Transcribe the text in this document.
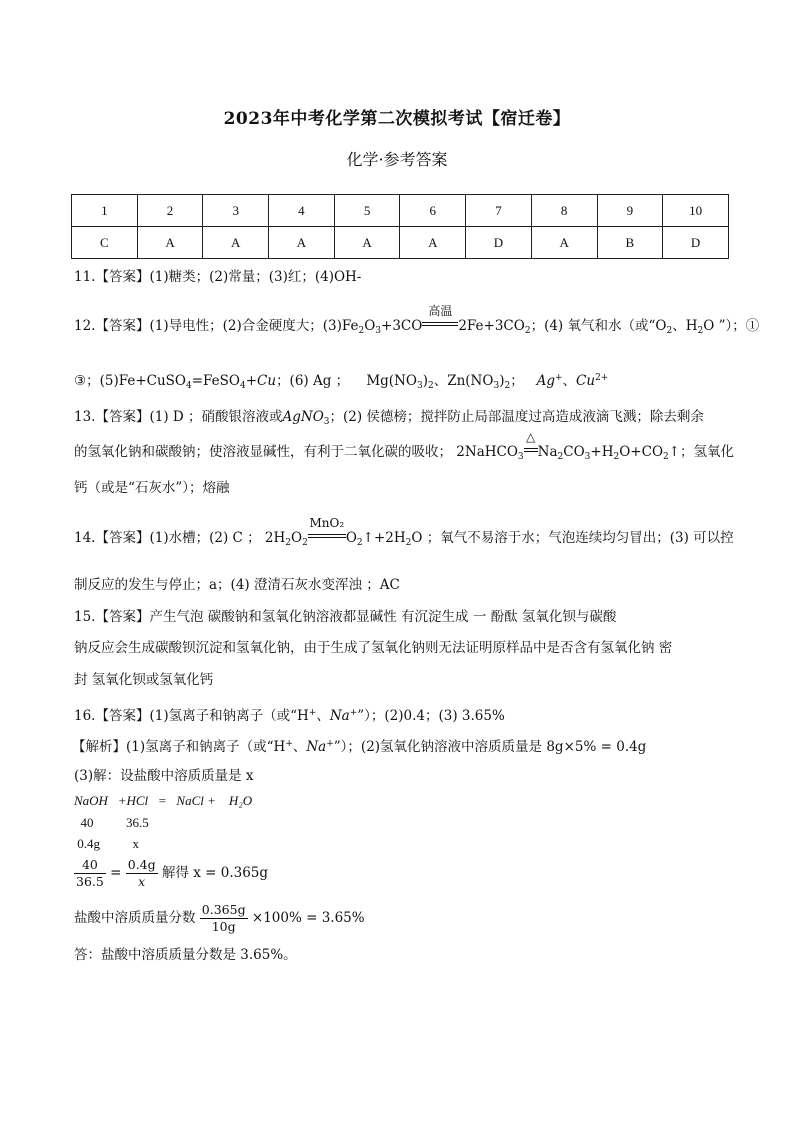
2023年中考化学第二次模拟考试【宿迁卷】
化学·参考答案
1	2	3	4	5	6	7	8	9	10
C	A	A	A	A	A	D	A	B	D
11.【答案】(1)糖类；(2)常量；(3)红；(4)OH-
12.【答案】(1)导电性；(2)合金硬度大；$(3)Fe_2O_3+3CO$
高温
$2Fe+3CO_2$；(4) 氧气和水（或“$O_2$、$H_2O$ ”）；①
③；(5)Fe+CuSO$_4$=FeSO$_4$+Cu；(6) Ag ； $Mg(NO_3)_2$、$Zn(NO_3)_2$； Ag+、$Cu^{2+}$
13.【答案】(1) D ；硝酸银溶液或AgNO$_3$；(2) 侯德榜；搅拌防止局部温度过高造成液滴飞溅；除去剩余
的氢氧化钠和碳酸钠；使溶液显碱性，有利于二氧化碳的吸收； 2NaHCO$_3$
△
$Na_2CO_3+H_2O+CO_2↑$；氢氧化
钙（或是“石灰水”）；熔融
14.【答案】(1)水槽；(2) C ； $2H_2O_2$
MnO₂
$O_2↑+2H_2O$ ；氧气不易溶于水；气泡连续均匀冒出；(3) 可以控
制反应的发生与停止；a；(4) 澄清石灰水变浑浊 ；AC
15.【答案】产生气泡 碳酸钠和氢氧化钠溶液都显碱性 有沉淀生成 一 酚酞 氢氧化钡与碳酸
钠反应会生成碳酸钡沉淀和氢氧化钠，由于生成了氢氧化钠则无法证明原样品中是否含有氢氧化钠 密
封 氢氧化钡或氢氧化钙
16.【答案】(1)氢离子和钠离子（或“H+、Na+”）；(2)0.4；(3) 3.65%
【解析】(1)氢离子和钠离子（或“H+、Na+”）；(2)氢氧化钠溶液中溶质质量是 8g×5% = 0.4g
(3)解：设盐酸中溶质质量是 x
NaOH   +HCl   =   NaCl +    H₂O
40          36.5
0.4g          x
$\frac{40}{36.5} = \frac{0.4g}{x}$ 解得 x = 0.365g
盐酸中溶质质量分数 $\frac{0.365g}{10g} \times 100\% = 3.65\%$
答：盐酸中溶质质量分数是 3.65%。
